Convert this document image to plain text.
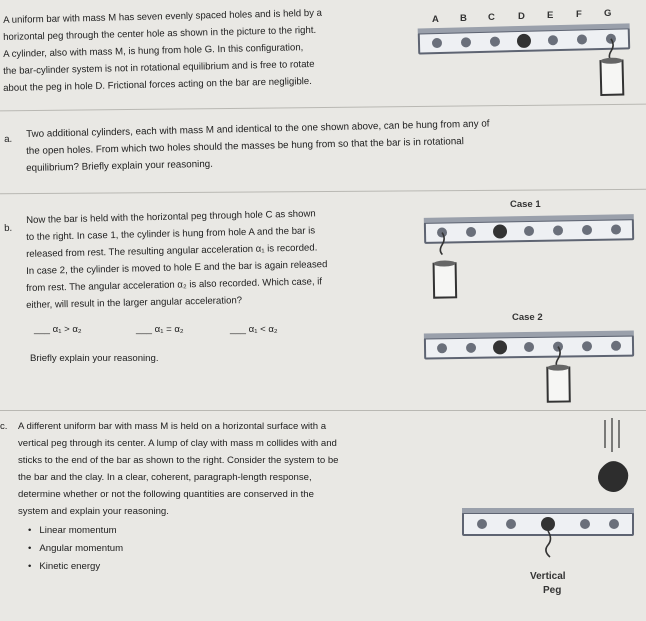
A uniform bar with mass M has seven evenly spaced holes and is held by a
horizontal peg through the center hole as shown in the picture to the right.
A cylinder, also with mass M, is hung from hole G. In this configuration,
the bar-cylinder system is not in rotational equilibrium and is free to rotate
about the peg in hole D. Frictional forces acting on the bar are negligible.
A B C D E F G
a. Two additional cylinders, each with mass M and identical to the one shown above, can be hung from any of
the open holes. From which two holes should the masses be hung from so that the bar is in rotational
equilibrium? Briefly explain your reasoning.
b.
Now the bar is held with the horizontal peg through hole C as shown
to the right. In case 1, the cylinder is hung from hole A and the bar is
released from rest. The resulting angular acceleration α₁ is recorded.
In case 2, the cylinder is moved to hole E and the bar is again released
from rest. The angular acceleration α₂ is also recorded. Which case, if
either, will result in the larger angular acceleration?
___ α₁ > α₂	___ α₁ = α₂	___ α₁ < α₂
Briefly explain your reasoning.
Case 1
Case 2
c. A different uniform bar with mass M is held on a horizontal surface with a
vertical peg through its center. A lump of clay with mass m collides with and
sticks to the end of the bar as shown to the right. Consider the system to be
the bar and the clay. In a clear, coherent, paragraph-length response,
determine whether or not the following quantities are conserved in the
system and explain your reasoning.
• Linear momentum
• Angular momentum
• Kinetic energy
Vertical
Peg
